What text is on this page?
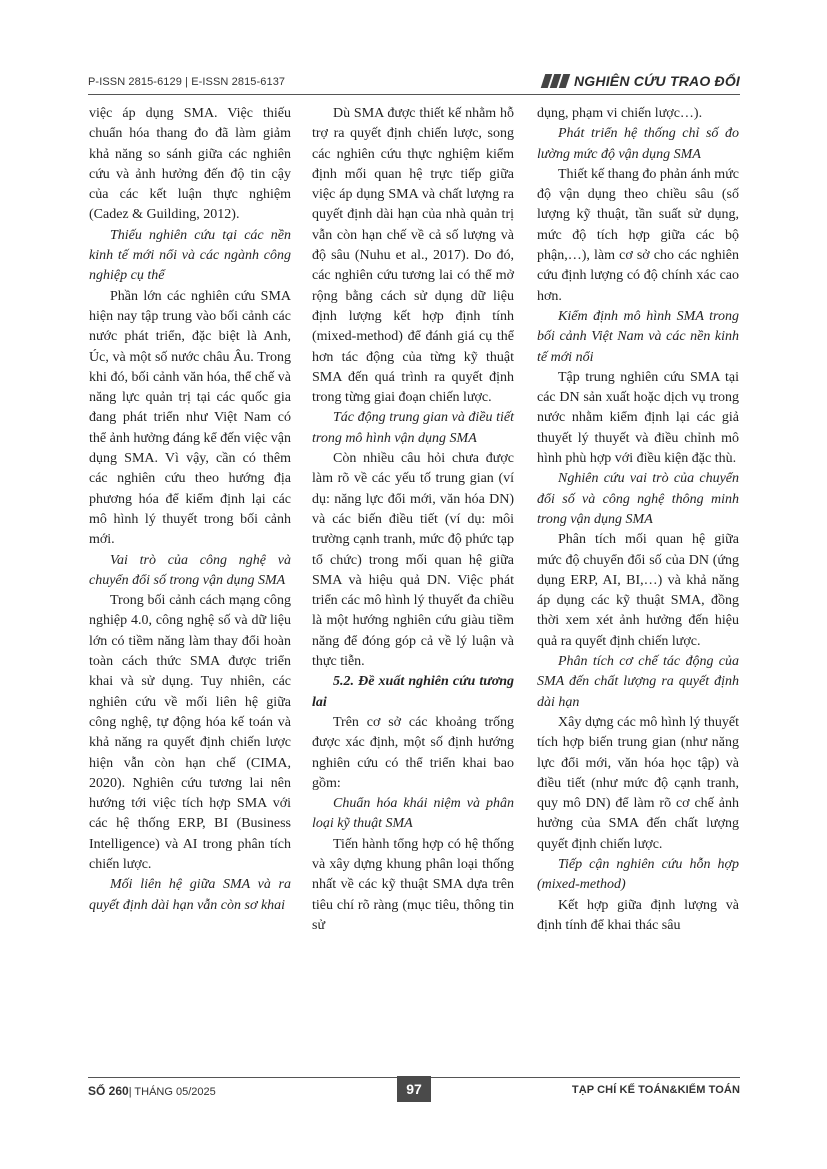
P-ISSN 2815-6129 | E-ISSN 2815-6137	NGHIÊN CỨU TRAO ĐỔI

việc áp dụng SMA. Việc thiếu chuẩn hóa thang đo đã làm giảm khả năng so sánh giữa các nghiên cứu và ảnh hưởng đến độ tin cậy của các kết luận thực nghiệm (Cadez & Guilding, 2012).

Thiếu nghiên cứu tại các nền kinh tế mới nổi và các ngành công nghiệp cụ thể

Phần lớn các nghiên cứu SMA hiện nay tập trung vào bối cảnh các nước phát triển, đặc biệt là Anh, Úc, và một số nước châu Âu. Trong khi đó, bối cảnh văn hóa, thể chế và năng lực quản trị tại các quốc gia đang phát triển như Việt Nam có thể ảnh hưởng đáng kể đến việc vận dụng SMA. Vì vậy, cần có thêm các nghiên cứu theo hướng địa phương hóa để kiểm định lại các mô hình lý thuyết trong bối cảnh mới.

Vai trò của công nghệ và chuyển đổi số trong vận dụng SMA

Trong bối cảnh cách mạng công nghiệp 4.0, công nghệ số và dữ liệu lớn có tiềm năng làm thay đổi hoàn toàn cách thức SMA được triển khai và sử dụng. Tuy nhiên, các nghiên cứu về mối liên hệ giữa công nghệ, tự động hóa kế toán và khả năng ra quyết định chiến lược hiện vẫn còn hạn chế (CIMA, 2020). Nghiên cứu tương lai nên hướng tới việc tích hợp SMA với các hệ thống ERP, BI (Business Intelligence) và AI trong phân tích chiến lược.

Mối liên hệ giữa SMA và ra quyết định dài hạn vẫn còn sơ khai

Dù SMA được thiết kế nhằm hỗ trợ ra quyết định chiến lược, song các nghiên cứu thực nghiệm kiểm định mối quan hệ trực tiếp giữa việc áp dụng SMA và chất lượng ra quyết định dài hạn của nhà quản trị vẫn còn hạn chế về cả số lượng và độ sâu (Nuhu et al., 2017). Do đó, các nghiên cứu tương lai có thể mở rộng bằng cách sử dụng dữ liệu định lượng kết hợp định tính (mixed-method) để đánh giá cụ thể hơn tác động của từng kỹ thuật SMA đến quá trình ra quyết định trong từng giai đoạn chiến lược.

Tác động trung gian và điều tiết trong mô hình vận dụng SMA

Còn nhiều câu hỏi chưa được làm rõ về các yếu tố trung gian (ví dụ: năng lực đổi mới, văn hóa DN) và các biến điều tiết (ví dụ: môi trường cạnh tranh, mức độ phức tạp tổ chức) trong mối quan hệ giữa SMA và hiệu quả DN. Việc phát triển các mô hình lý thuyết đa chiều là một hướng nghiên cứu giàu tiềm năng để đóng góp cả về lý luận và thực tiễn.

5.2. Đề xuất nghiên cứu tương lai

Trên cơ sở các khoảng trống được xác định, một số định hướng nghiên cứu có thể triển khai bao gồm:

Chuẩn hóa khái niệm và phân loại kỹ thuật SMA

Tiến hành tổng hợp có hệ thống và xây dựng khung phân loại thống nhất về các kỹ thuật SMA dựa trên tiêu chí rõ ràng (mục tiêu, thông tin sử

dụng, phạm vi chiến lược…).

Phát triển hệ thống chỉ số đo lường mức độ vận dụng SMA

Thiết kế thang đo phản ánh mức độ vận dụng theo chiều sâu (số lượng kỹ thuật, tần suất sử dụng, mức độ tích hợp giữa các bộ phận,…), làm cơ sở cho các nghiên cứu định lượng có độ chính xác cao hơn.

Kiểm định mô hình SMA trong bối cảnh Việt Nam và các nền kinh tế mới nổi

Tập trung nghiên cứu SMA tại các DN sản xuất hoặc dịch vụ trong nước nhằm kiểm định lại các giả thuyết lý thuyết và điều chỉnh mô hình phù hợp với điều kiện đặc thù.

Nghiên cứu vai trò của chuyển đổi số và công nghệ thông minh trong vận dụng SMA

Phân tích mối quan hệ giữa mức độ chuyển đổi số của DN (ứng dụng ERP, AI, BI,…) và khả năng áp dụng các kỹ thuật SMA, đồng thời xem xét ảnh hưởng đến hiệu quả ra quyết định chiến lược.

Phân tích cơ chế tác động của SMA đến chất lượng ra quyết định dài hạn

Xây dựng các mô hình lý thuyết tích hợp biến trung gian (như năng lực đổi mới, văn hóa học tập) và điều tiết (như mức độ cạnh tranh, quy mô DN) để làm rõ cơ chế ảnh hưởng của SMA đến chất lượng quyết định chiến lược.

Tiếp cận nghiên cứu hỗn hợp (mixed-method)

Kết hợp giữa định lượng và định tính để khai thác sâu

SỐ 260| THÁNG 05/2025	97	TẠP CHÍ KẾ TOÁN&KIỂM TOÁN
